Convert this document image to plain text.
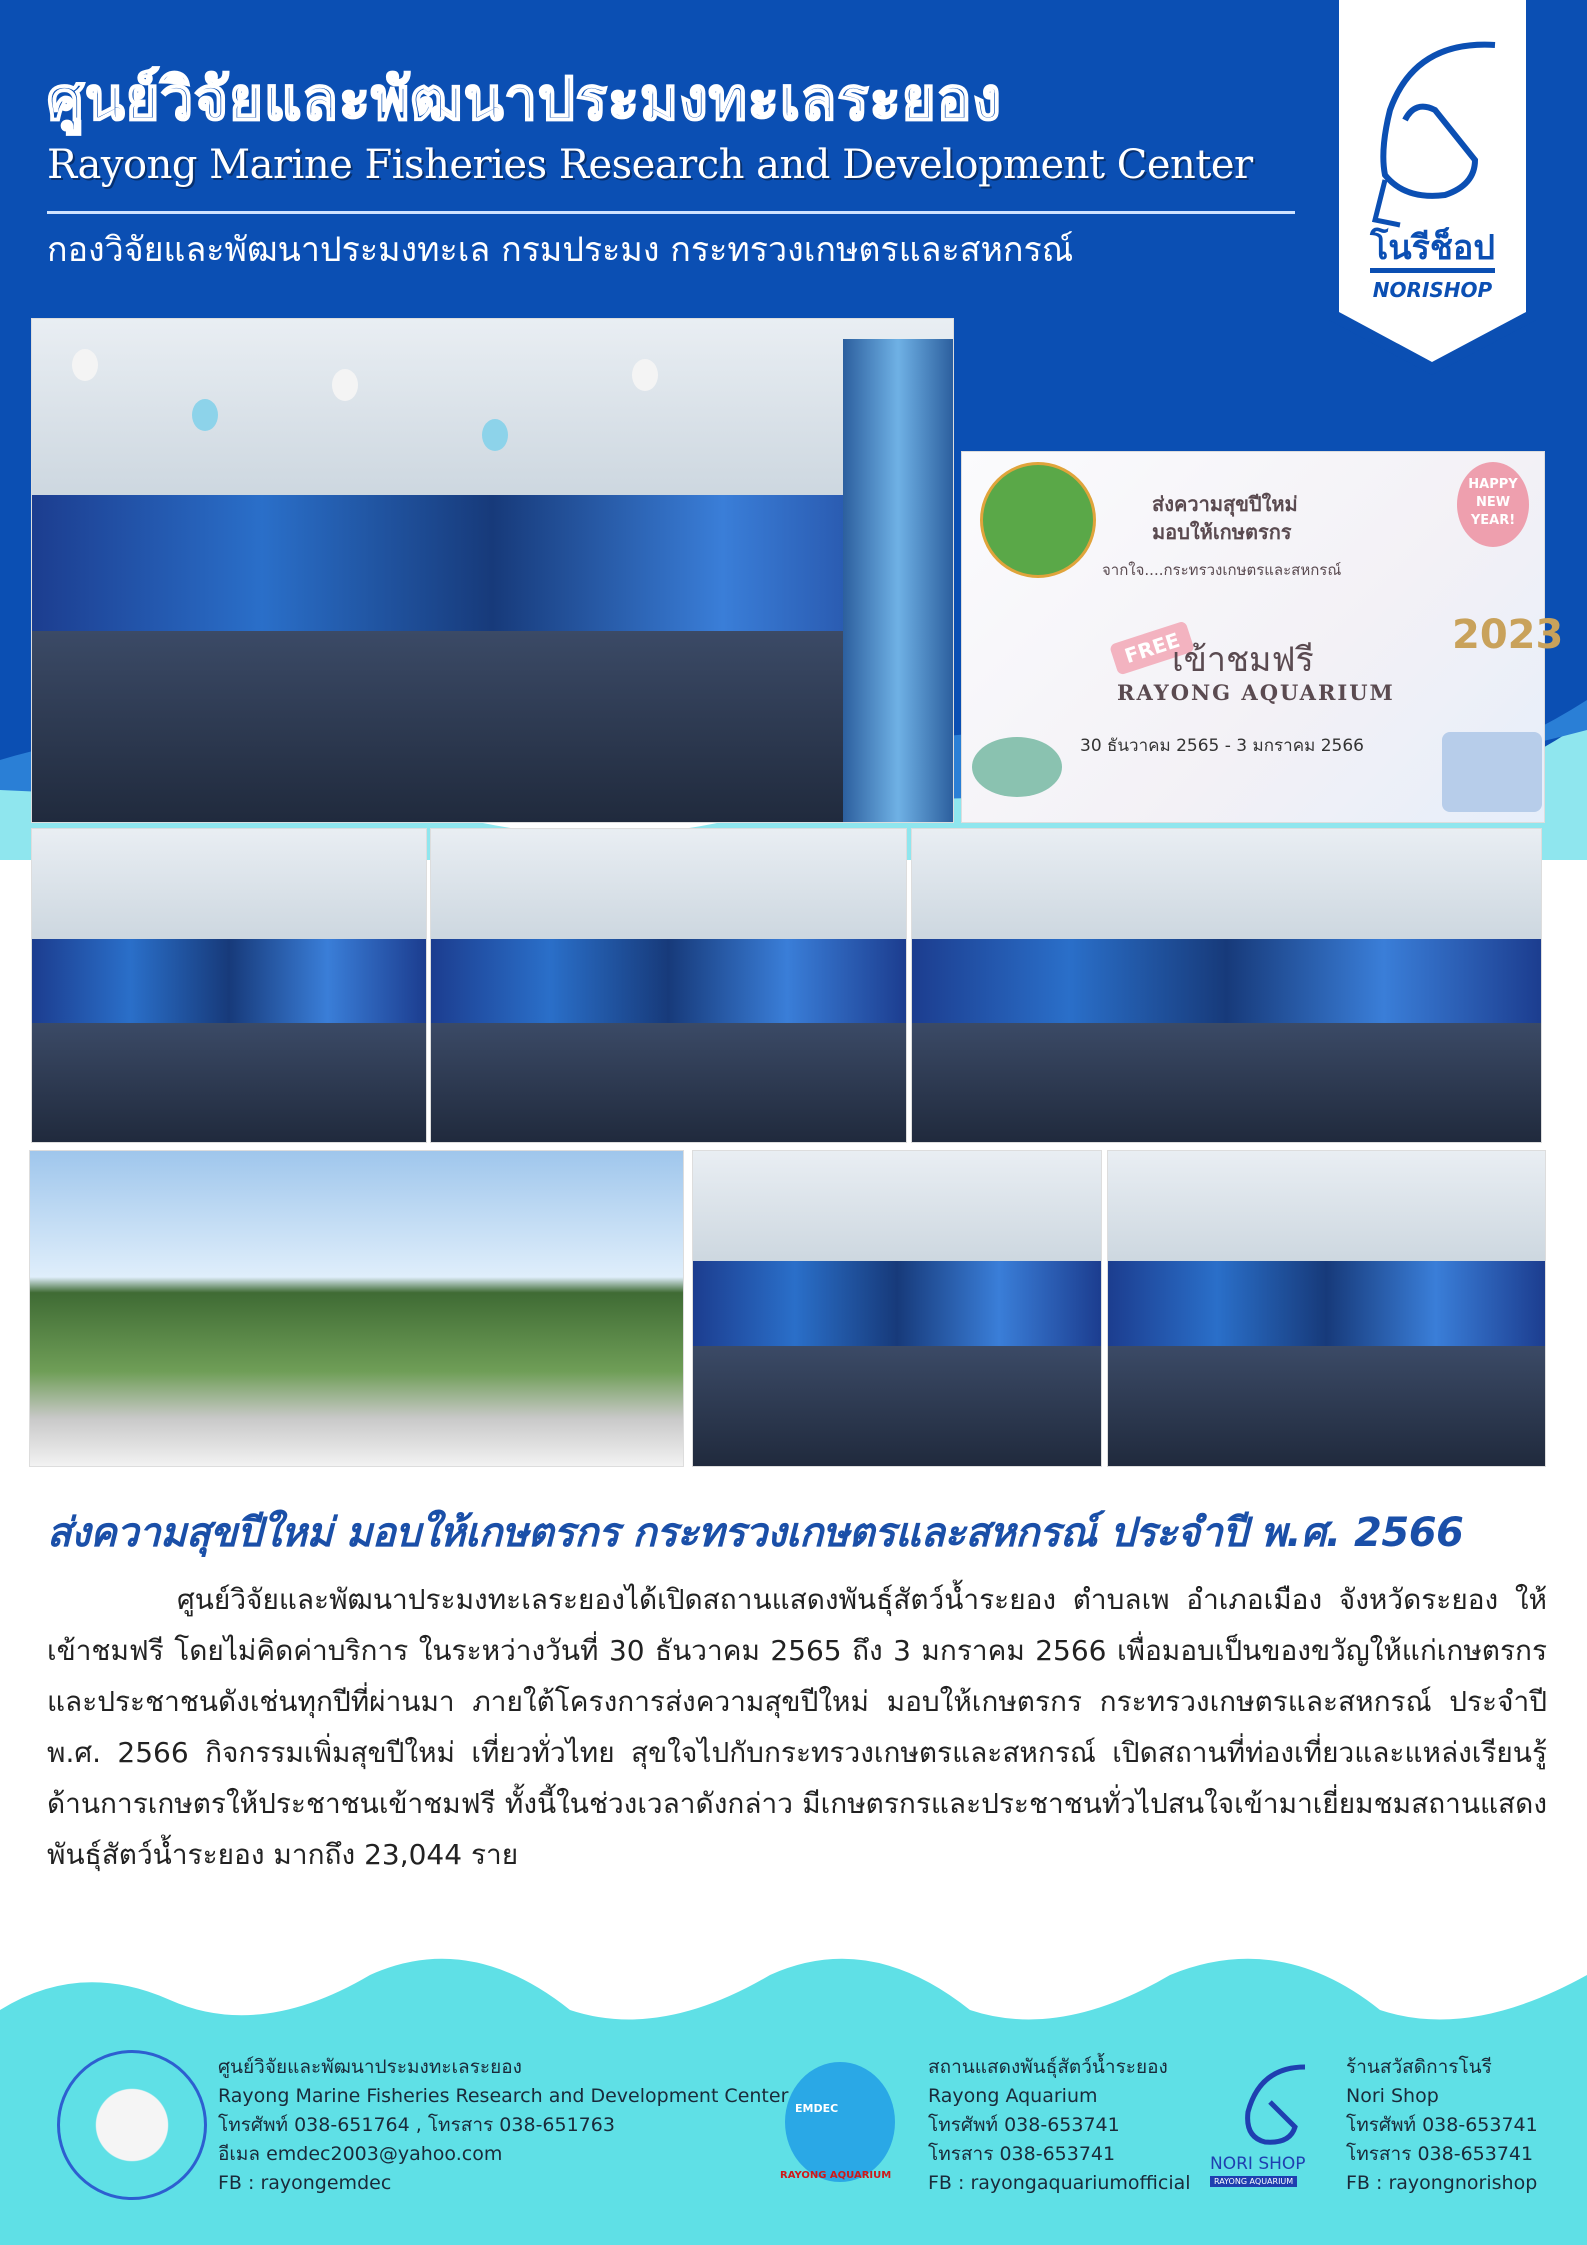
ศูนย์วิจัยและพัฒนาประมงทะเลระยอง
Rayong Marine Fisheries Research and Development Center
กองวิจัยและพัฒนาประมงทะเล กรมประมง กระทรวงเกษตรและสหกรณ์	โนรีช็อป
NORISHOP
ส่งความสุขปีใหม่
มอบให้เกษตรกร
จากใจ....กระทรวงเกษตรและสหกรณ์
FREE
เข้าชมฟรี
RAYONG AQUARIUM
30 ธันวาคม 2565 - 3 มกราคม 2566
HAPPY NEW YEAR!
2023
ส่งความสุขปีใหม่ มอบให้เกษตรกร กระทรวงเกษตรและสหกรณ์ ประจำปี พ.ศ. 2566
ศูนย์วิจัยและพัฒนาประมงทะเลระยองได้เปิดสถานแสดงพันธุ์สัตว์น้ำระยอง ตำบลเพ อำเภอเมือง จังหวัดระยอง ให้เข้าชมฟรี โดยไม่คิดค่าบริการ ในระหว่างวันที่ 30 ธันวาคม 2565 ถึง 3 มกราคม 2566 เพื่อมอบเป็นของขวัญให้แก่เกษตรกรและประชาชนดังเช่นทุกปีที่ผ่านมา ภายใต้โครงการส่งความสุขปีใหม่ มอบให้เกษตรกร กระทรวงเกษตรและสหกรณ์ ประจำปี พ.ศ. 2566 กิจกรรมเพิ่มสุขปีใหม่ เที่ยวทั่วไทย สุขใจไปกับกระทรวงเกษตรและสหกรณ์ เปิดสถานที่ท่องเที่ยวและแหล่งเรียนรู้ด้านการเกษตรให้ประชาชนเข้าชมฟรี ทั้งนี้ในช่วงเวลาดังกล่าว มีเกษตรกรและประชาชนทั่วไปสนใจเข้ามาเยี่ยมชมสถานแสดงพันธุ์สัตว์น้ำระยอง มากถึง 23,044 ราย
ศูนย์วิจัยและพัฒนาประมงทะเลระยอง
Rayong Marine Fisheries Research and Development Center
โทรศัพท์ 038-651764 , โทรสาร 038-651763
อีเมล emdec2003@yahoo.com
FB : rayongemdec
EMDEC
RAYONG AQUARIUM
สถานแสดงพันธุ์สัตว์น้ำระยอง
Rayong Aquarium
โทรศัพท์ 038-653741
โทรสาร 038-653741
FB : rayongaquariumofficial
NORI SHOP
RAYONG AQUARIUM
ร้านสวัสดิการโนรี
Nori Shop
โทรศัพท์ 038-653741
โทรสาร 038-653741
FB : rayongnorishop
